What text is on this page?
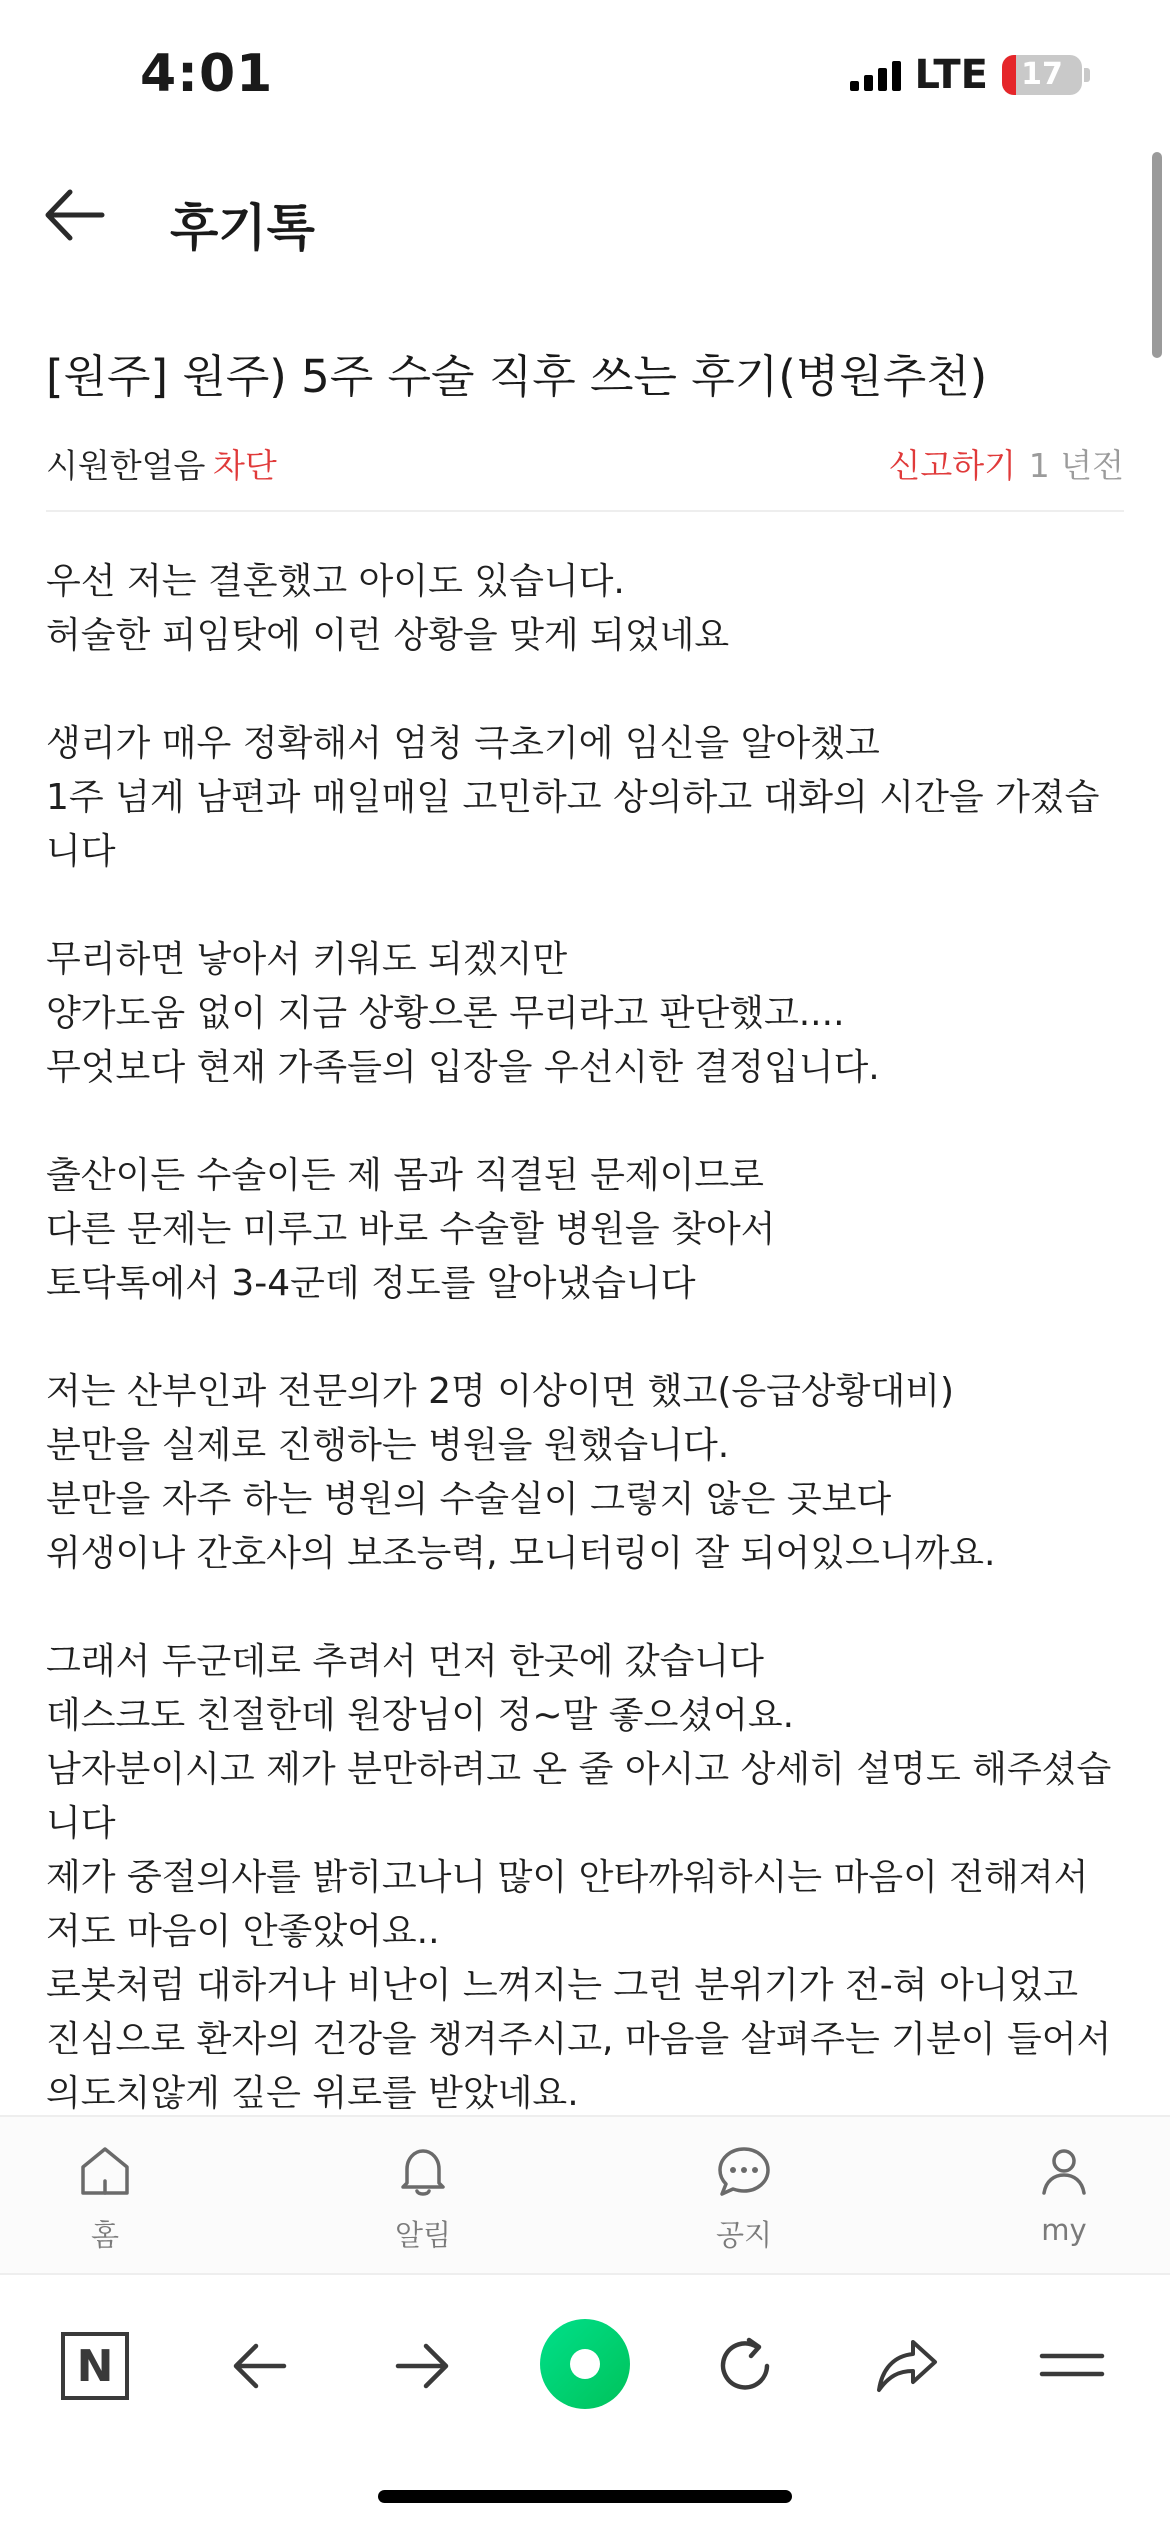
4:01	LTE	17
후기톡
[원주] 원주) 5주 수술 직후 쓰는 후기(병원추천)
시원한얼음 차단	신고하기 1 년전
우선 저는 결혼했고 아이도 있습니다.
허술한 피임탓에 이런 상황을 맞게 되었네요
생리가 매우 정확해서 엄청 극초기에 임신을 알아챘고
1주 넘게 남편과 매일매일 고민하고 상의하고 대화의 시간을 가졌습
니다
무리하면 낳아서 키워도 되겠지만
양가도움 없이 지금 상황으론 무리라고 판단했고....
무엇보다 현재 가족들의 입장을 우선시한 결정입니다.
출산이든 수술이든 제 몸과 직결된 문제이므로
다른 문제는 미루고 바로 수술할 병원을 찾아서
토닥톡에서 3-4군데 정도를 알아냈습니다
저는 산부인과 전문의가 2명 이상이면 했고(응급상황대비)
분만을 실제로 진행하는 병원을 원했습니다.
분만을 자주 하는 병원의 수술실이 그렇지 않은 곳보다
위생이나 간호사의 보조능력, 모니터링이 잘 되어있으니까요.
그래서 두군데로 추려서 먼저 한곳에 갔습니다
데스크도 친절한데 원장님이 정~말 좋으셨어요.
남자분이시고 제가 분만하려고 온 줄 아시고 상세히 설명도 해주셨습
니다
제가 중절의사를 밝히고나니 많이 안타까워하시는 마음이 전해져서
저도 마음이 안좋았어요..
로봇처럼 대하거나 비난이 느껴지는 그런 분위기가 전-혀 아니었고
진심으로 환자의 건강을 챙겨주시고, 마음을 살펴주는 기분이 들어서
의도치않게 깊은 위로를 받았네요.
홈	알림	공지	my
N
